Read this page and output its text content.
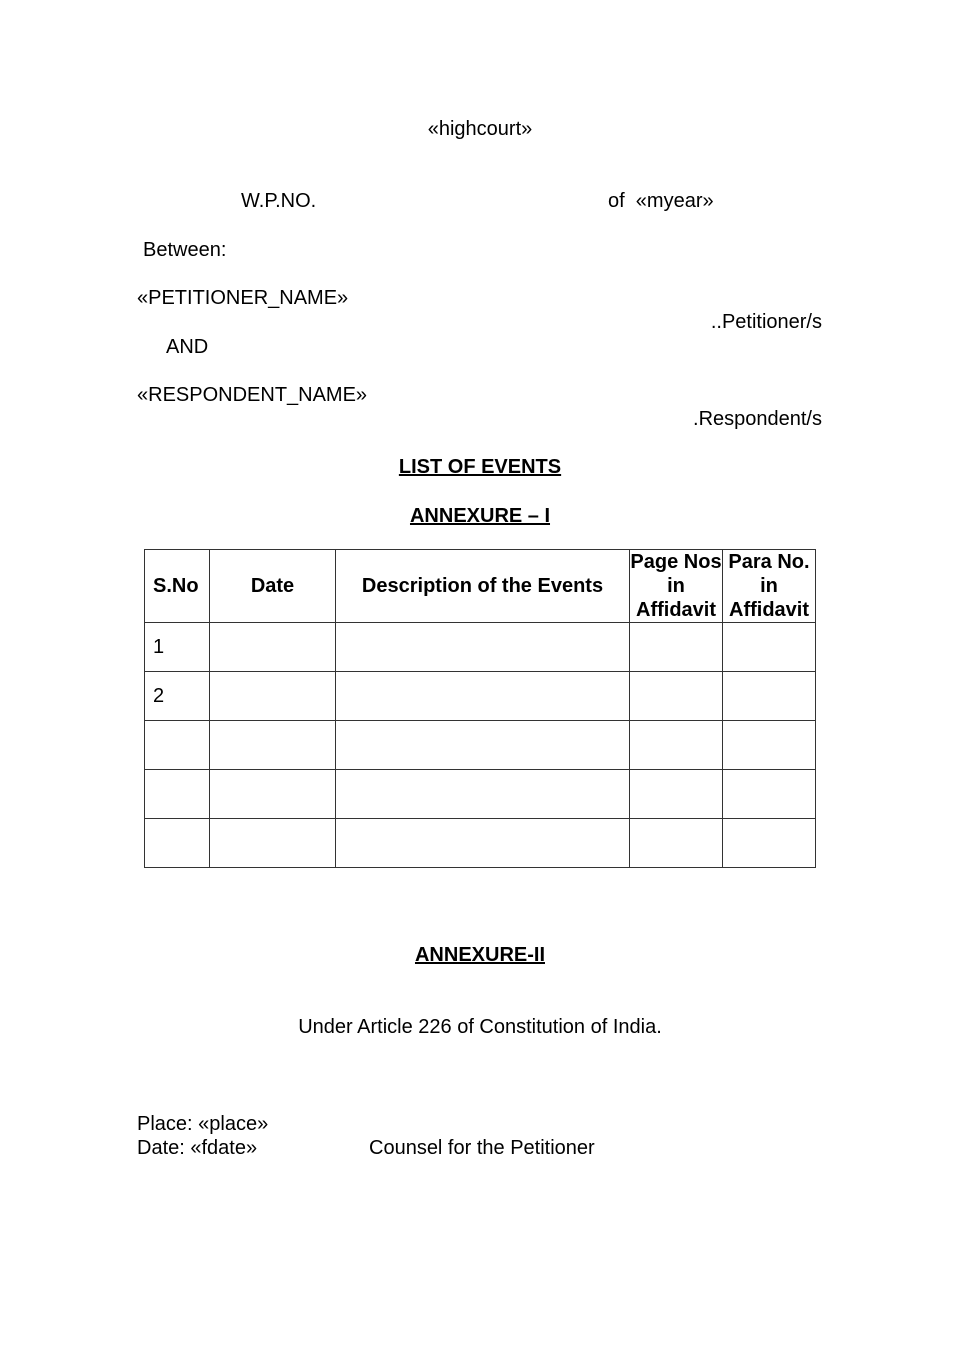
«highcourt»
W.P.NO.	of  «myear»
Between:
«PETITIONER_NAME»
..Petitioner/s
AND
«RESPONDENT_NAME»
.Respondent/s
LIST OF EVENTS
ANNEXURE – I
S.No	Date	Description of the Events	Page Nos in Affidavit	Para No. in Affidavit
1				
2				

ANNEXURE-II
Under Article 226 of Constitution of India.
Place: «place»
Date: «fdate»	Counsel for the Petitioner
